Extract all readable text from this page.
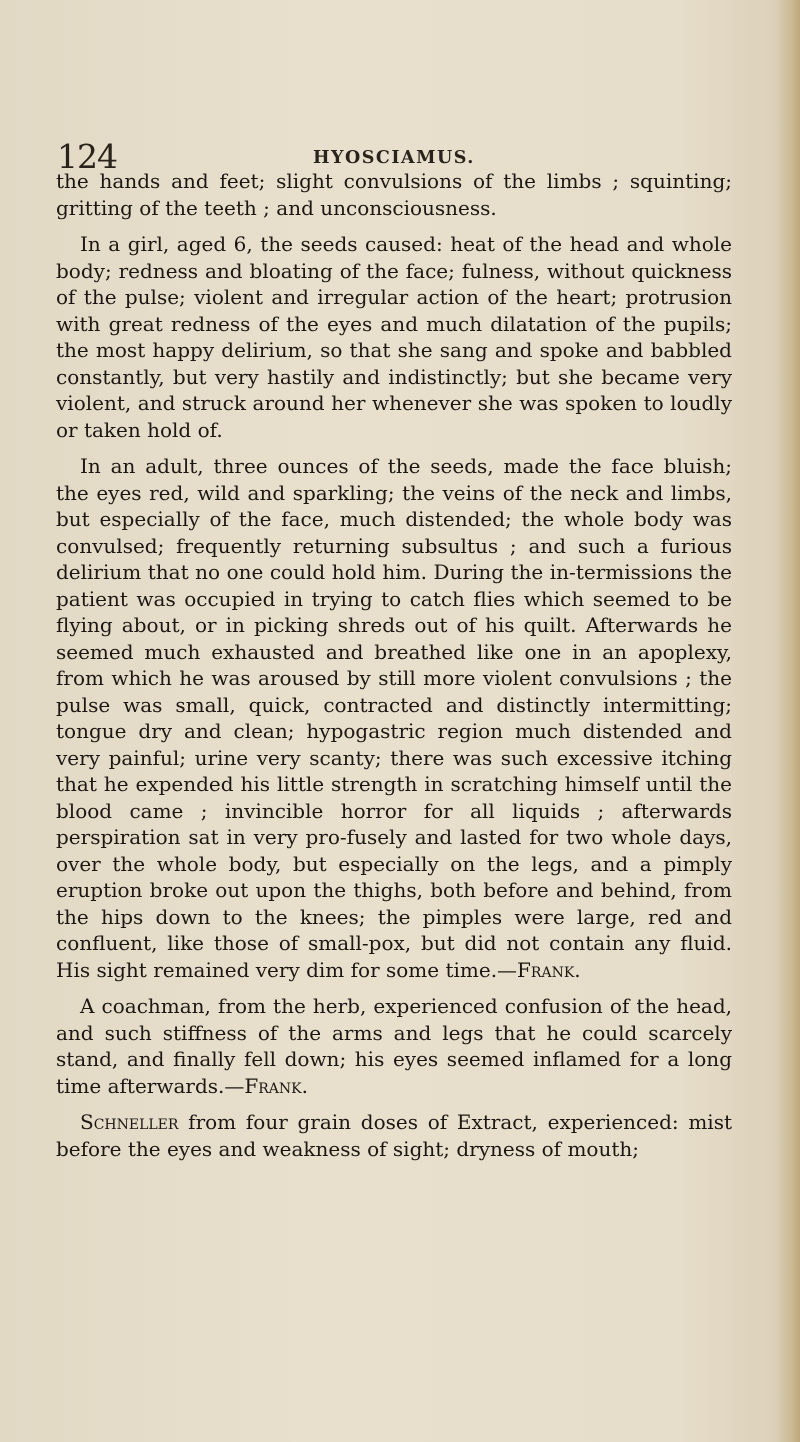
124	HYOSCIAMUS.

the hands and feet; slight convulsions of the limbs ; squinting; gritting of the teeth ; and unconsciousness.

In a girl, aged 6, the seeds caused: heat of the head and whole body; redness and bloating of the face; fulness, without quickness of the pulse; violent and irregular action of the heart; protrusion with great redness of the eyes and much dilatation of the pupils; the most happy delirium, so that she sang and spoke and babbled constantly, but very hastily and indistinctly; but she became very violent, and struck around her whenever she was spoken to loudly or taken hold of.

In an adult, three ounces of the seeds, made the face bluish; the eyes red, wild and sparkling; the veins of the neck and limbs, but especially of the face, much distended; the whole body was convulsed; frequently returning subsultus ; and such a furious delirium that no one could hold him. During the in-termissions the patient was occupied in trying to catch flies which seemed to be flying about, or in picking shreds out of his quilt. Afterwards he seemed much exhausted and breathed like one in an apoplexy, from which he was aroused by still more violent convulsions ; the pulse was small, quick, contracted and distinctly intermitting; tongue dry and clean; hypogastric region much distended and very painful; urine very scanty; there was such excessive itching that he expended his little strength in scratching himself until the blood came ; invincible horror for all liquids ; afterwards perspiration sat in very pro-fusely and lasted for two whole days, over the whole body, but especially on the legs, and a pimply eruption broke out upon the thighs, both before and behind, from the hips down to the knees; the pimples were large, red and confluent, like those of small-pox, but did not contain any fluid. His sight remained very dim for some time.—Frank.

A coachman, from the herb, experienced confusion of the head, and such stiffness of the arms and legs that he could scarcely stand, and finally fell down; his eyes seemed inflamed for a long time afterwards.—Frank.

Schneller from four grain doses of Extract, experienced: mist before the eyes and weakness of sight; dryness of mouth;
